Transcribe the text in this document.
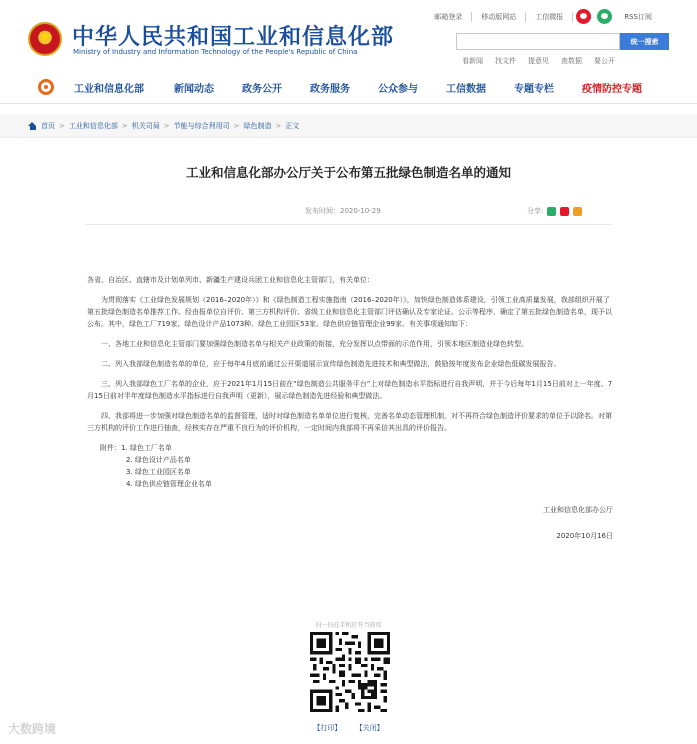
★
中华人民共和国工业和信息化部
Ministry of Industry and Information Technology of the People's Republic of China
邮箱登录	移动版网站	工信微报	RSS订阅
统一搜索
看新闻 找文件 提意见 查数据 要公开
工业和信息化部	新闻动态	政务公开	政务服务	公众参与	工信数据	专题专栏	疫情防控专题
首页 > 工业和信息化部 > 机关司局 > 节能与综合利用司 > 绿色制造 > 正文
工业和信息化部办公厅关于公布第五批绿色制造名单的通知
发布时间：2020-10-29	分享:

各省、自治区、直辖市及计划单列市、新疆生产建设兵团工业和信息化主管部门，有关单位：

为贯彻落实《工业绿色发展规划（2016–2020年）》和《绿色制造工程实施指南（2016–2020年）》，加快绿色制造体系建设，引领工业高质量发展，我部组织开展了第五批绿色制造名单推荐工作。经由报单位自评价、第三方机构评价、省级工业和信息化主管部门评估确认及专家论证、公示等程序，确定了第五批绿色制造名单，现予以公布。其中，绿色工厂719家、绿色设计产品1073种、绿色工业园区53家、绿色供应链管理企业99家。有关事项通知如下：

一、各地工业和信息化主管部门要加强绿色制造名单与相关产业政策的衔接，充分发挥以点带面的示范作用，引领本地区制造业绿色转型。

二、列入我部绿色制造名单的单位，应于每年4月底前通过公开渠道展示宣传绿色制造先进技术和典型做法，鼓励按年度发布企业绿色低碳发展报告。

三、列入我部绿色工厂名单的企业，应于2021年1月15日前在“绿色制造公共服务平台”上对绿色制造水平指标进行自我声明，并于今后每年1月15日前对上一年度、7月15日前对半年度绿色制造水平指标进行自我声明（更新），展示绿色制造先进经验和典型做法。

四、我部将进一步加强对绿色制造名单的监督管理，适时对绿色制造名单单位进行复核，完善名单动态管理机制，对不再符合绿色制造评价要求的单位予以除名。对第三方机构的评价工作进行抽查，经核实存在严重不良行为的评价机构，一定时间内我部将不再采信其出具的评价报告。

附件：1. 绿色工厂名单
2. 绿色设计产品名单
3. 绿色工业园区名单
4. 绿色供应链管理企业名单
工业和信息化部办公厅
2020年10月16日
扫一扫在手机打开当前页
【打印】 【关闭】
大数跨境
